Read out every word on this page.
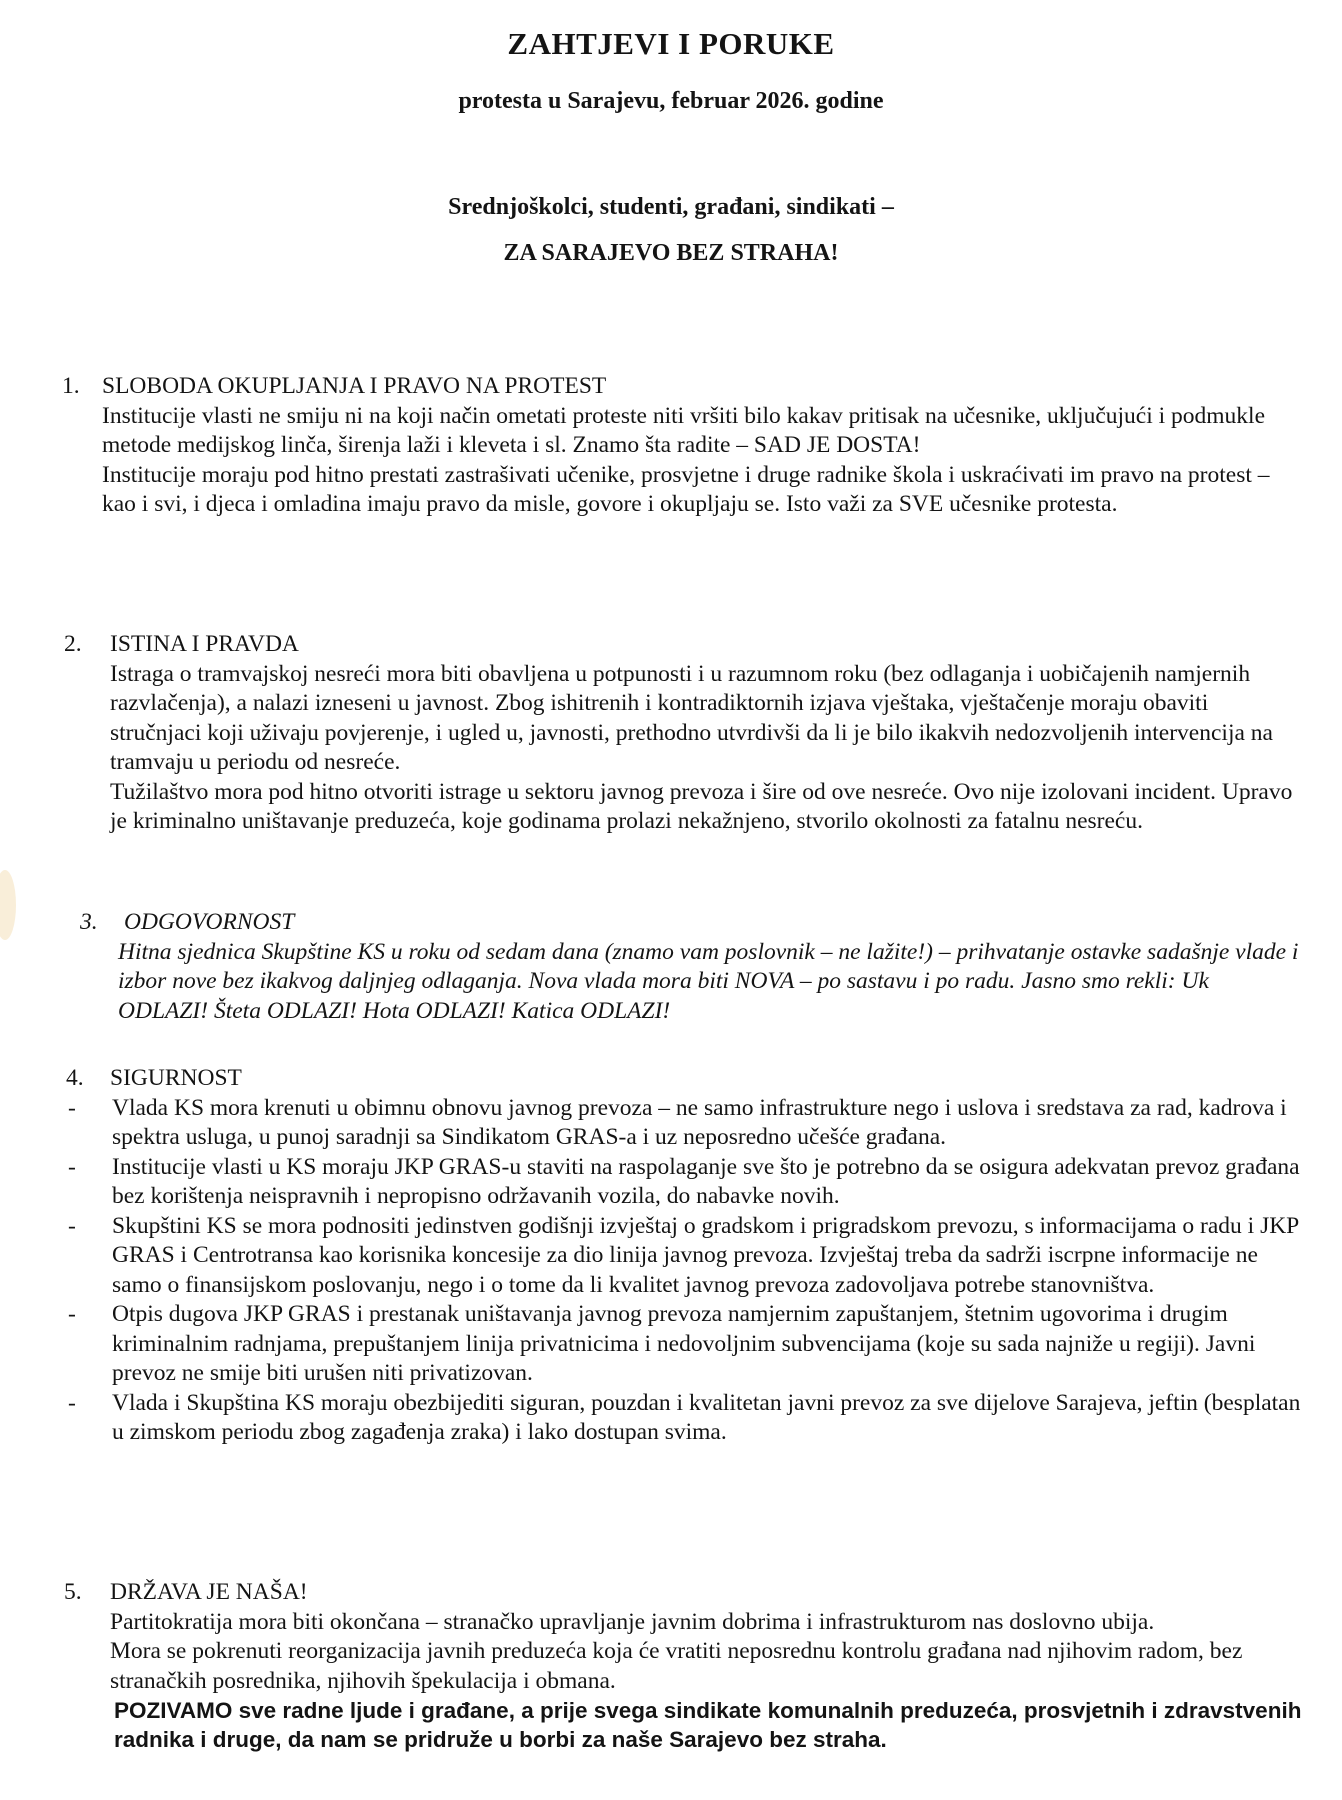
ZAHTJEVI I PORUKE
protesta u Sarajevu, februar 2026. godine
Srednjoškolci, studenti, građani, sindikati –
ZA SARAJEVO BEZ STRAHA!
1. SLOBODA OKUPLJANJA I PRAVO NA PROTEST

Institucije vlasti ne smiju ni na koji način ometati proteste niti vršiti bilo kakav pritisak na učesnike, uključujući i podmukle metode medijskog linča, širenja laži i kleveta i sl. Znamo šta radite – SAD JE DOSTA!

Institucije moraju pod hitno prestati zastrašivati učenike, prosvjetne i druge radnike škola i uskraćivati im pravo na protest – kao i svi, i djeca i omladina imaju pravo da misle, govore i okupljaju se. Isto važi za SVE učesnike protesta.

2.	ISTINA I PRAVDA

Istraga o tramvajskoj nesreći mora biti obavljena u potpunosti i u razumnom roku (bez odlaganja i uobičajenih namjernih razvlačenja), a nalazi izneseni u javnost. Zbog ishitrenih i kontradiktornih izjava vještaka, vještačenje moraju obaviti stručnjaci koji uživaju povjerenje, i ugled u, javnosti, prethodno utvrdivši da li je bilo ikakvih nedozvoljenih intervencija na tramvaju u periodu od nesreće.

Tužilaštvo mora pod hitno otvoriti istrage u sektoru javnog prevoza i šire od ove nesreće. Ovo nije izolovani incident. Upravo je kriminalno uništavanje preduzeća, koje godinama prolazi nekažnjeno, stvorilo okolnosti za fatalnu nesreću.

3.	ODGOVORNOST

Hitna sjednica Skupštine KS u roku od sedam dana (znamo vam poslovnik – ne lažite!) – prihvatanje ostavke sadašnje vlade i izbor nove bez ikakvog daljnjeg odlaganja. Nova vlada mora biti NOVA – po sastavu i po radu. Jasno smo rekli: Uk ODLAZI! Šteta ODLAZI! Hota ODLAZI! Katica ODLAZI!

4.	SIGURNOST
-	Vlada KS mora krenuti u obimnu obnovu javnog prevoza – ne samo infrastrukture nego i uslova i sredstava za rad, kadrova i spektra usluga, u punoj saradnji sa Sindikatom GRAS-a i uz neposredno učešće građana.
-	Institucije vlasti u KS moraju JKP GRAS-u staviti na raspolaganje sve što je potrebno da se osigura adekvatan prevoz građana bez korištenja neispravnih i nepropisno održavanih vozila, do nabavke novih.
-	Skupštini KS se mora podnositi jedinstven godišnji izvještaj o gradskom i prigradskom prevozu, s informacijama o radu i JKP GRAS i Centrotransa kao korisnika koncesije za dio linija javnog prevoza. Izvještaj treba da sadrži iscrpne informacije ne samo o finansijskom poslovanju, nego i o tome da li kvalitet javnog prevoza zadovoljava potrebe stanovništva.
-	Otpis dugova JKP GRAS i prestanak uništavanja javnog prevoza namjernim zapuštanjem, štetnim ugovorima i drugim kriminalnim radnjama, prepuštanjem linija privatnicima i nedovoljnim subvencijama (koje su sada najniže u regiji). Javni prevoz ne smije biti urušen niti privatizovan.
-	Vlada i Skupština KS moraju obezbijediti siguran, pouzdan i kvalitetan javni prevoz za sve dijelove Sarajeva, jeftin (besplatan u zimskom periodu zbog zagađenja zraka) i lako dostupan svima.
5.	DRŽAVA JE NAŠA!

Partitokratija mora biti okončana – stranačko upravljanje javnim dobrima i infrastrukturom nas doslovno ubija.

Mora se pokrenuti reorganizacija javnih preduzeća koja će vratiti neposrednu kontrolu građana nad njihovim radom, bez stranačkih posrednika, njihovih špekulacija i obmana.

POZIVAMO sve radne ljude i građane, a prije svega sindikate komunalnih preduzeća, prosvjetnih i zdravstvenih radnika i druge, da nam se pridruže u borbi za naše Sarajevo bez straha.
